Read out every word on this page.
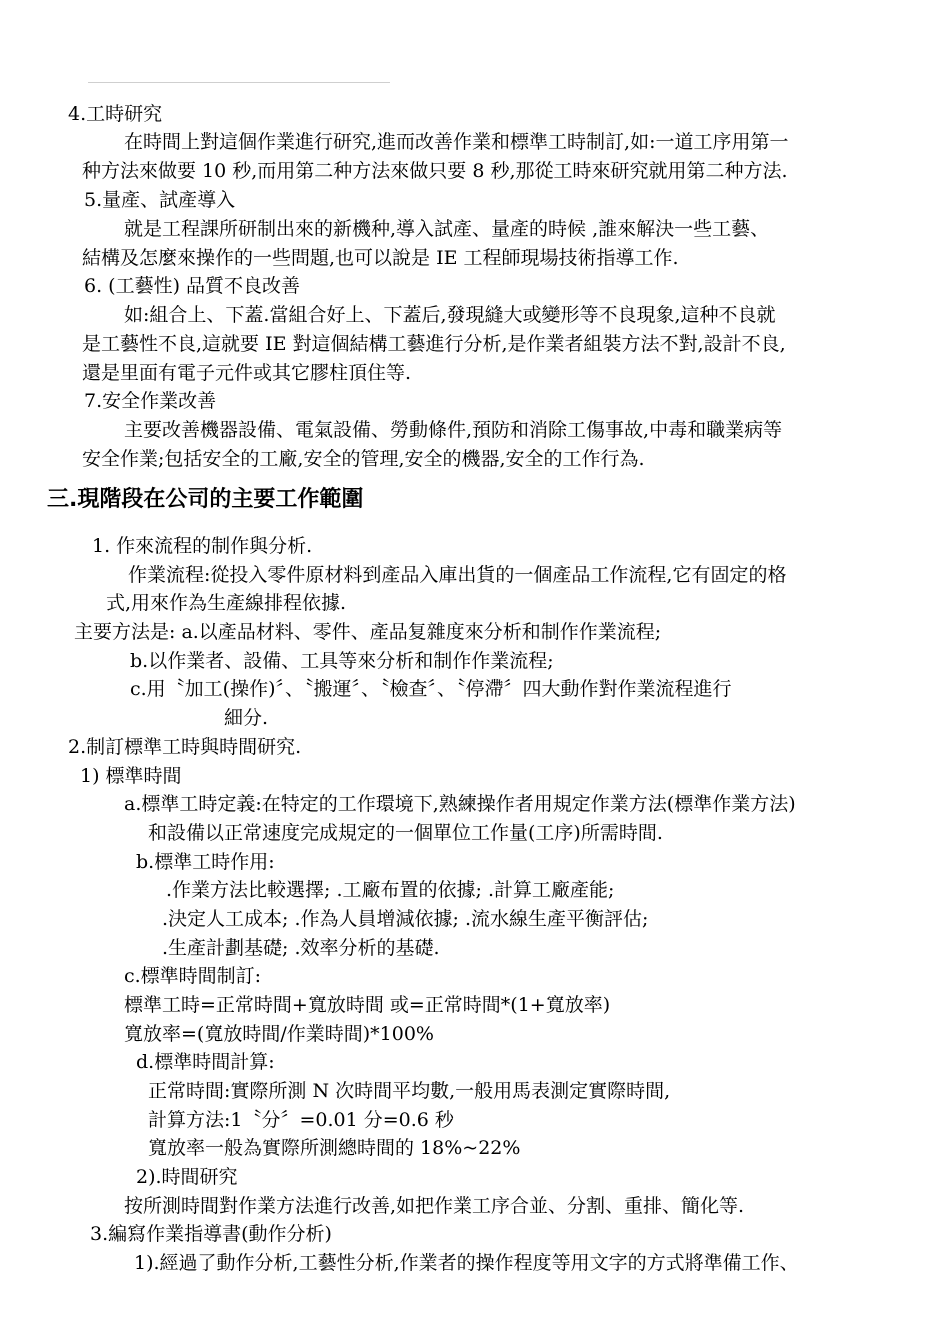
4.工時研究
在時間上對這個作業進行研究,進而改善作業和標準工時制訂,如:一道工序用第一
种方法來做要 10 秒,而用第二种方法來做只要 8 秒,那從工時來研究就用第二种方法.
5.量產、試產導入
就是工程課所研制出來的新機种,導入試產、量產的時候 ,誰來解決一些工藝、
結構及怎麼來操作的一些問題,也可以說是 IE 工程師現場技術指導工作.
6. (工藝性) 品質不良改善
如:組合上、下蓋.當組合好上、下蓋后,發現縫大或變形等不良現象,這种不良就
是工藝性不良,這就要 IE 對這個結構工藝進行分析,是作業者組裝方法不對,設計不良,
還是里面有電子元件或其它膠柱頂住等.
7.安全作業改善
主要改善機器設備、電氣設備、勞動條件,預防和消除工傷事故,中毒和職業病等
安全作業;包括安全的工廠,安全的管理,安全的機器,安全的工作行為.
三.現階段在公司的主要工作範圍
1. 作來流程的制作與分析.
作業流程:從投入零件原材料到產品入庫出貨的一個產品工作流程,它有固定的格
式,用來作為生產線排程依據.
主要方法是: a.以產品材料、零件、產品复雜度來分析和制作作業流程;
b.以作業者、設備、工具等來分析和制作作業流程;
c.用〝加工(操作)〞、〝搬運〞、〝檢查〞、〝停滯〞四大動作對作業流程進行
細分.
2.制訂標準工時與時間研究.
1) 標準時間
a.標準工時定義:在特定的工作環境下,熟練操作者用規定作業方法(標準作業方法)
和設備以正常速度完成規定的一個單位工作量(工序)所需時間.
b.標準工時作用:
.作業方法比較選擇; .工廠布置的依據; .計算工廠產能;
.決定人工成本; .作為人員增減依據; .流水線生產平衡評估;
.生產計劃基礎; .效率分析的基礎.
c.標準時間制訂:
標準工時=正常時間+寬放時間 或=正常時間*(1+寬放率)
寬放率=(寬放時間/作業時間)*100%
d.標準時間計算:
正常時間:實際所測 N 次時間平均數,一般用馬表測定實際時間,
計算方法:1〝分〞=0.01 分=0.6 秒
寬放率一般為實際所測總時間的 18%~22%
2).時間研究
按所測時間對作業方法進行改善,如把作業工序合並、分割、重排、簡化等.
3.編寫作業指導書(動作分析)
1).經過了動作分析,工藝性分析,作業者的操作程度等用文字的方式將準備工作、
